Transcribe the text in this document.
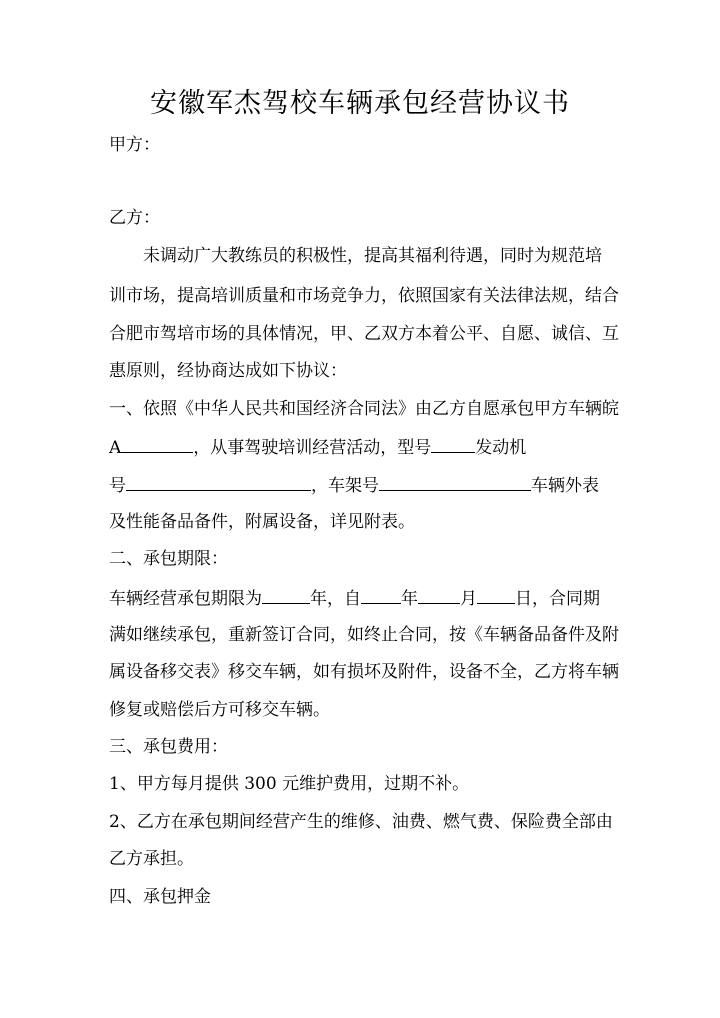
安徽军杰驾校车辆承包经营协议书
甲方：
乙方：
未调动广大教练员的积极性，提高其福利待遇，同时为规范培
训市场，提高培训质量和市场竞争力，依照国家有关法律法规，结合
合肥市驾培市场的具体情况，甲、乙双方本着公平、自愿、诚信、互
惠原则，经协商达成如下协议：
一、依照《中华人民共和国经济合同法》由乙方自愿承包甲方车辆皖
A	，从事驾驶培训经营活动，型号	发动机
号	，车架号	车辆外表
及性能备品备件，附属设备，详见附表。
二、承包期限：
车辆经营承包期限为	年，自 年 月 日，合同期
满如继续承包，重新签订合同，如终止合同，按《车辆备品备件及附
属设备移交表》移交车辆，如有损坏及附件，设备不全，乙方将车辆
修复或赔偿后方可移交车辆。
三、承包费用：
1、甲方每月提供 300 元维护费用，过期不补。
2、乙方在承包期间经营产生的维修、油费、燃气费、保险费全部由
乙方承担。
四、承包押金
